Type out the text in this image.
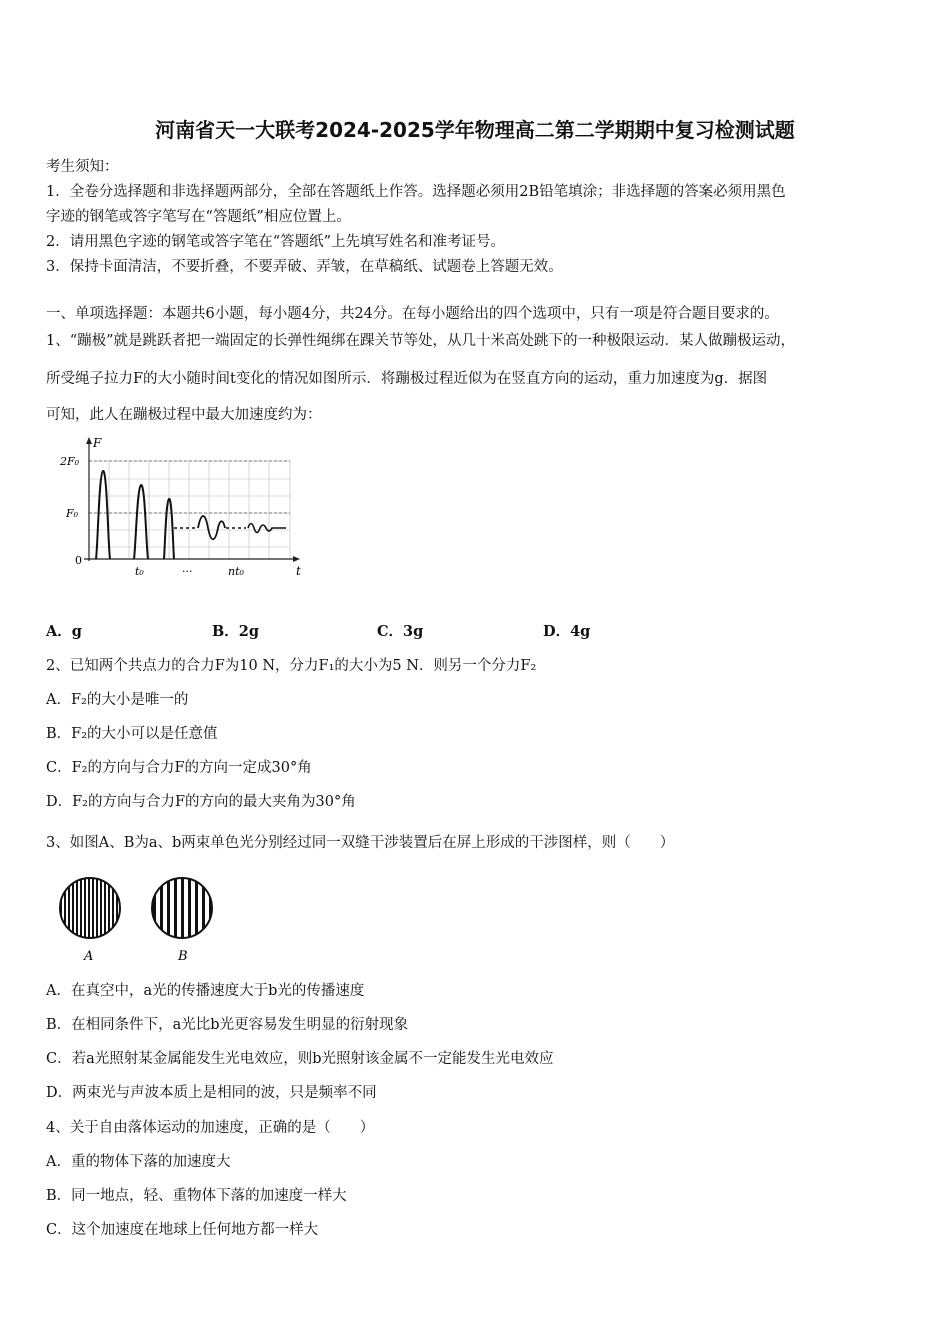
河南省天一大联考2024-2025学年物理高二第二学期期中复习检测试题
考生须知：
1．全卷分选择题和非选择题两部分，全部在答题纸上作答。选择题必须用2B铅笔填涂；非选择题的答案必须用黑色
字迹的钢笔或答字笔写在“答题纸”相应位置上。
2．请用黑色字迹的钢笔或答字笔在“答题纸”上先填写姓名和准考证号。
3．保持卡面清洁，不要折叠，不要弄破、弄皱，在草稿纸、试题卷上答题无效。
一、单项选择题：本题共6小题，每小题4分，共24分。在每小题给出的四个选项中，只有一项是符合题目要求的。
1、“蹦极”就是跳跃者把一端固定的长弹性绳绑在踝关节等处，从几十米高处跳下的一种极限运动．某人做蹦极运动，
所受绳子拉力F的大小随时间t变化的情况如图所示．将蹦极过程近似为在竖直方向的运动，重力加速度为g．据图
可知，此人在蹦极过程中最大加速度约为：
F
t
2F₀
F₀
0
t₀	···	nt₀
A．g	B．2g	C．3g	D．4g
2、已知两个共点力的合力F为10 N，分力F₁的大小为5 N．则另一个分力F₂
A．F₂的大小是唯一的
B．F₂的大小可以是任意值
C．F₂的方向与合力F的方向一定成30°角
D．F₂的方向与合力F的方向的最大夹角为30°角
3、如图A、B为a、b两束单色光分别经过同一双缝干涉装置后在屏上形成的干涉图样，则（　　）
A	B
A．在真空中，a光的传播速度大于b光的传播速度
B．在相同条件下，a光比b光更容易发生明显的衍射现象
C．若a光照射某金属能发生光电效应，则b光照射该金属不一定能发生光电效应
D．两束光与声波本质上是相同的波，只是频率不同
4、关于自由落体运动的加速度，正确的是（　　）
A．重的物体下落的加速度大
B．同一地点，轻、重物体下落的加速度一样大
C．这个加速度在地球上任何地方都一样大
